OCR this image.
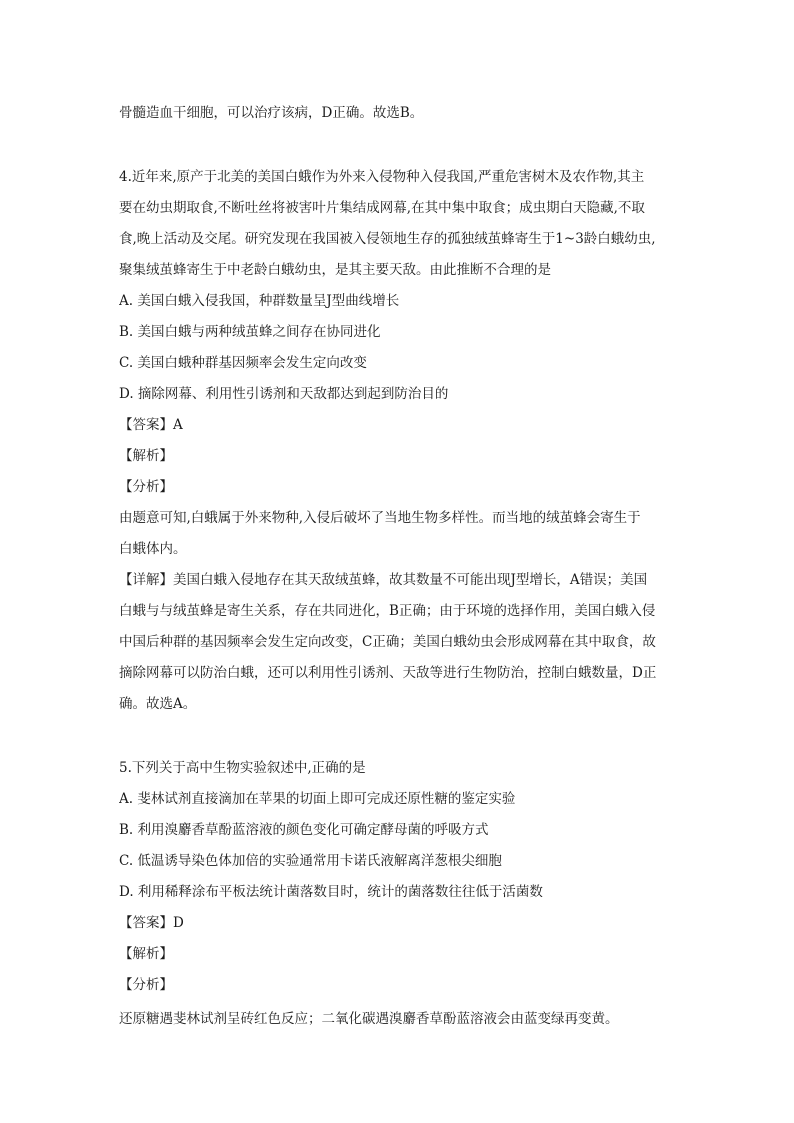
骨髓造血干细胞，可以治疗该病，D正确。故选B。
4.近年来,原产于北美的美国白蛾作为外来入侵物种入侵我国,严重危害树木及农作物,其主
要在幼虫期取食,不断吐丝将被害叶片集结成网幕,在其中集中取食；成虫期白天隐藏,不取
食,晚上活动及交尾。研究发现在我国被入侵领地生存的孤独绒茧蜂寄生于1~3龄白蛾幼虫,
聚集绒茧蜂寄生于中老龄白蛾幼虫，是其主要天敌。由此推断不合理的是
A. 美国白蛾入侵我国，种群数量呈J型曲线增长
B. 美国白蛾与两种绒茧蜂之间存在协同进化
C. 美国白蛾种群基因频率会发生定向改变
D. 摘除网幕、利用性引诱剂和天敌都达到起到防治目的
【答案】A
【解析】
【分析】
由题意可知,白蛾属于外来物种,入侵后破坏了当地生物多样性。而当地的绒茧蜂会寄生于
白蛾体内。
【详解】美国白蛾入侵地存在其天敌绒茧蜂，故其数量不可能出现J型增长，A错误；美国
白蛾与与绒茧蜂是寄生关系，存在共同进化，B正确；由于环境的选择作用，美国白蛾入侵
中国后种群的基因频率会发生定向改变，C正确；美国白蛾幼虫会形成网幕在其中取食，故
摘除网幕可以防治白蛾，还可以利用性引诱剂、天敌等进行生物防治，控制白蛾数量，D正
确。故选A。
5.下列关于高中生物实验叙述中,正确的是
A. 斐林试剂直接滴加在苹果的切面上即可完成还原性糖的鉴定实验
B. 利用溴麝香草酚蓝溶液的颜色变化可确定酵母菌的呼吸方式
C. 低温诱导染色体加倍的实验通常用卡诺氏液解离洋葱根尖细胞
D. 利用稀释涂布平板法统计菌落数目时，统计的菌落数往往低于活菌数
【答案】D
【解析】
【分析】
还原糖遇斐林试剂呈砖红色反应；二氧化碳遇溴麝香草酚蓝溶液会由蓝变绿再变黄。
